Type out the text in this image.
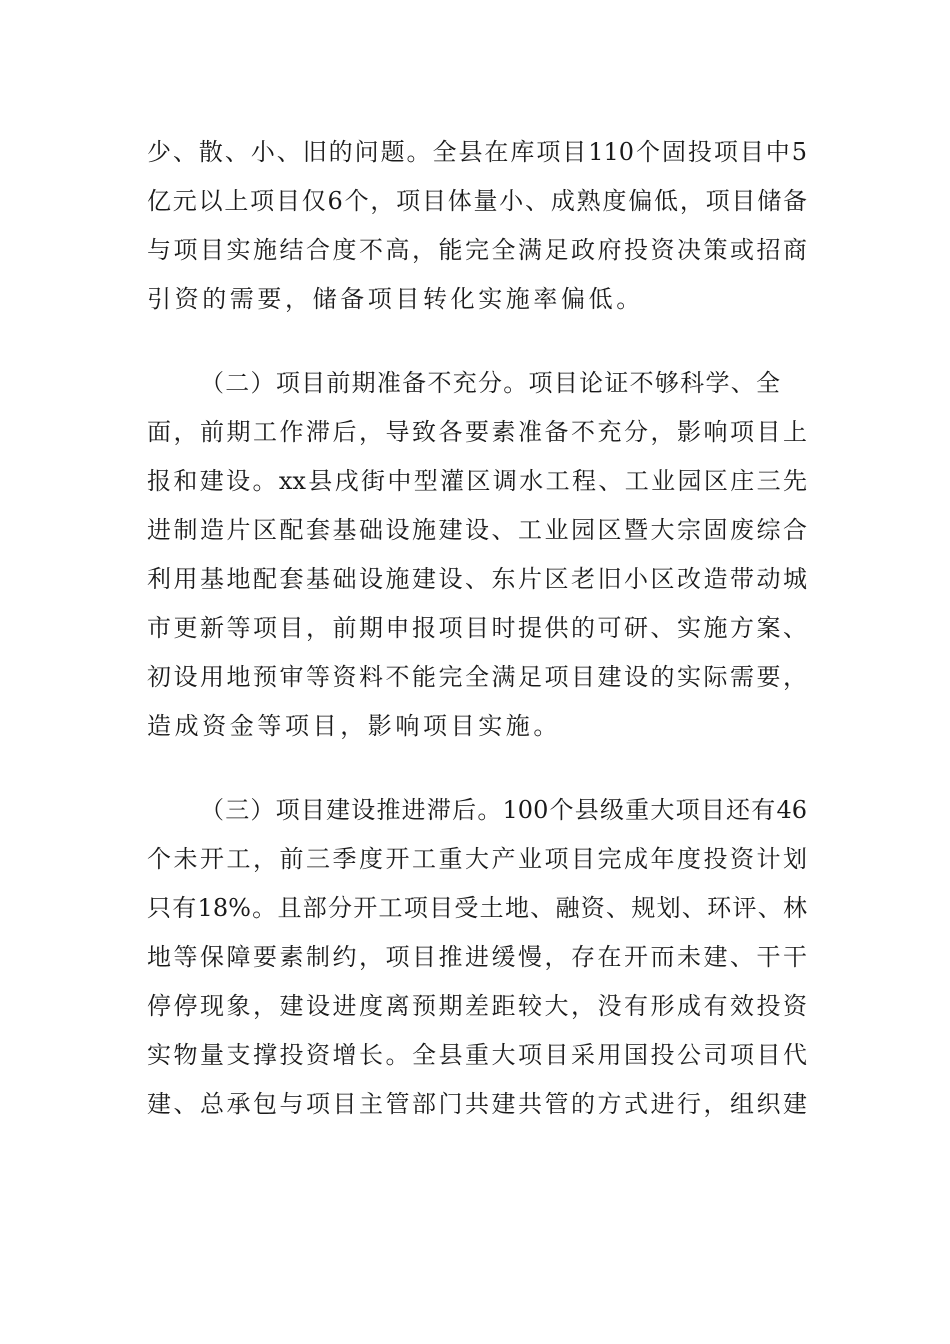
少、散、小、旧的问题。全县在库项目110个固投项目中5
亿元以上项目仅6个，项目体量小、成熟度偏低，项目储备
与项目实施结合度不高，能完全满足政府投资决策或招商
引资的需要，储备项目转化实施率偏低。
（二）项目前期准备不充分。项目论证不够科学、全
面，前期工作滞后，导致各要素准备不充分，影响项目上
报和建设。xx县戌街中型灌区调水工程、工业园区庄三先
进制造片区配套基础设施建设、工业园区暨大宗固废综合
利用基地配套基础设施建设、东片区老旧小区改造带动城
市更新等项目，前期申报项目时提供的可研、实施方案、
初设用地预审等资料不能完全满足项目建设的实际需要，
造成资金等项目，影响项目实施。
（三）项目建设推进滞后。100个县级重大项目还有46
个未开工，前三季度开工重大产业项目完成年度投资计划
只有18%。且部分开工项目受土地、融资、规划、环评、林
地等保障要素制约，项目推进缓慢，存在开而未建、干干
停停现象，建设进度离预期差距较大，没有形成有效投资
实物量支撑投资增长。全县重大项目采用国投公司项目代
建、总承包与项目主管部门共建共管的方式进行，组织建
